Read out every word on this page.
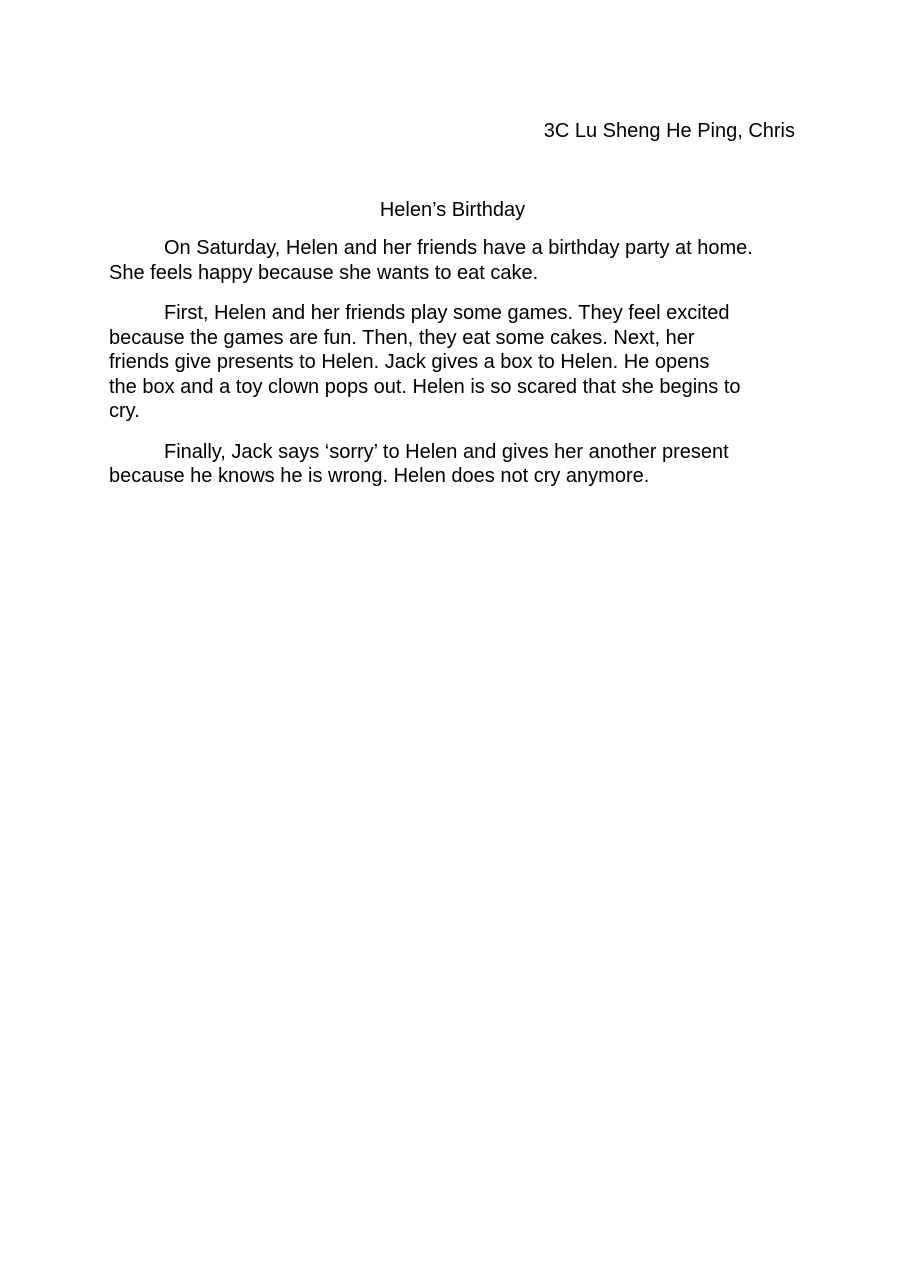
3C Lu Sheng He Ping, Chris
Helen’s Birthday

On Saturday, Helen and her friends have a birthday party at home.
She feels happy because she wants to eat cake.

First, Helen and her friends play some games. They feel excited
because the games are fun. Then, they eat some cakes. Next, her
friends give presents to Helen. Jack gives a box to Helen. He opens
the box and a toy clown pops out. Helen is so scared that she begins to
cry.

Finally, Jack says ‘sorry’ to Helen and gives her another present
because he knows he is wrong. Helen does not cry anymore.
